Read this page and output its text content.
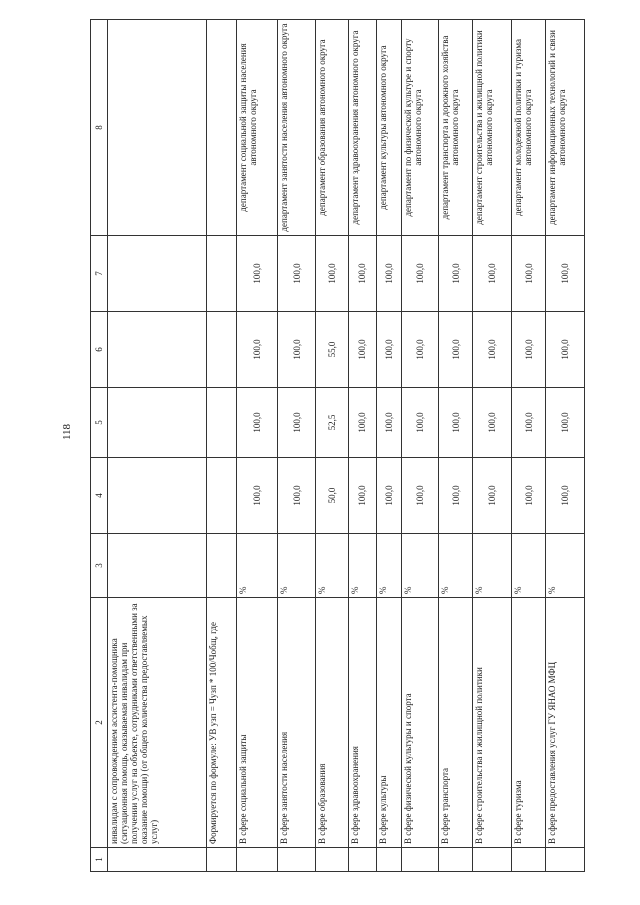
118
1	2	3	4	5	6	7	8
	инвалидам с сопровождением ассистента-помощника (ситуационная помощь, оказываемая инвалидам при получении услуг на объекте, сотрудниками ответственными за оказание помощи) (от общего количества предоставляемых услуг)						
	Формируется по формуле: УВ узп = Чузп * 100/Чобщ, где						
	В сфере социальной защиты	%	100,0	100,0	100,0	100,0	департамент социальной защиты населения автономного округа
	В сфере занятости населения	%	100,0	100,0	100,0	100,0	департамент занятости населения автономного округа
	В сфере образования	%	50,0	52,5	55,0	100,0	департамент образования автономного округа
	В сфере здравоохранения	%	100,0	100,0	100,0	100,0	департамент здравоохранения автономного округа
	В сфере культуры	%	100,0	100,0	100,0	100,0	департамент культуры автономного округа
	В сфере физической культуры и спорта	%	100,0	100,0	100,0	100,0	департамент по физической культуре и спорту автономного округа
	В сфере транспорта	%	100,0	100,0	100,0	100,0	департамент транспорта и дорожного хозяйства автономного округа
	В сфере строительства и жилищной политики	%	100,0	100,0	100,0	100,0	департамент строительства и жилищной политики автономного округа
	В сфере туризма	%	100,0	100,0	100,0	100,0	департамент молодежной политики и туризма автономного округа
	В сфере предоставления услуг ГУ ЯНАО МФЦ	%	100,0	100,0	100,0	100,0	департамент информационных технологий и связи автономного округа
